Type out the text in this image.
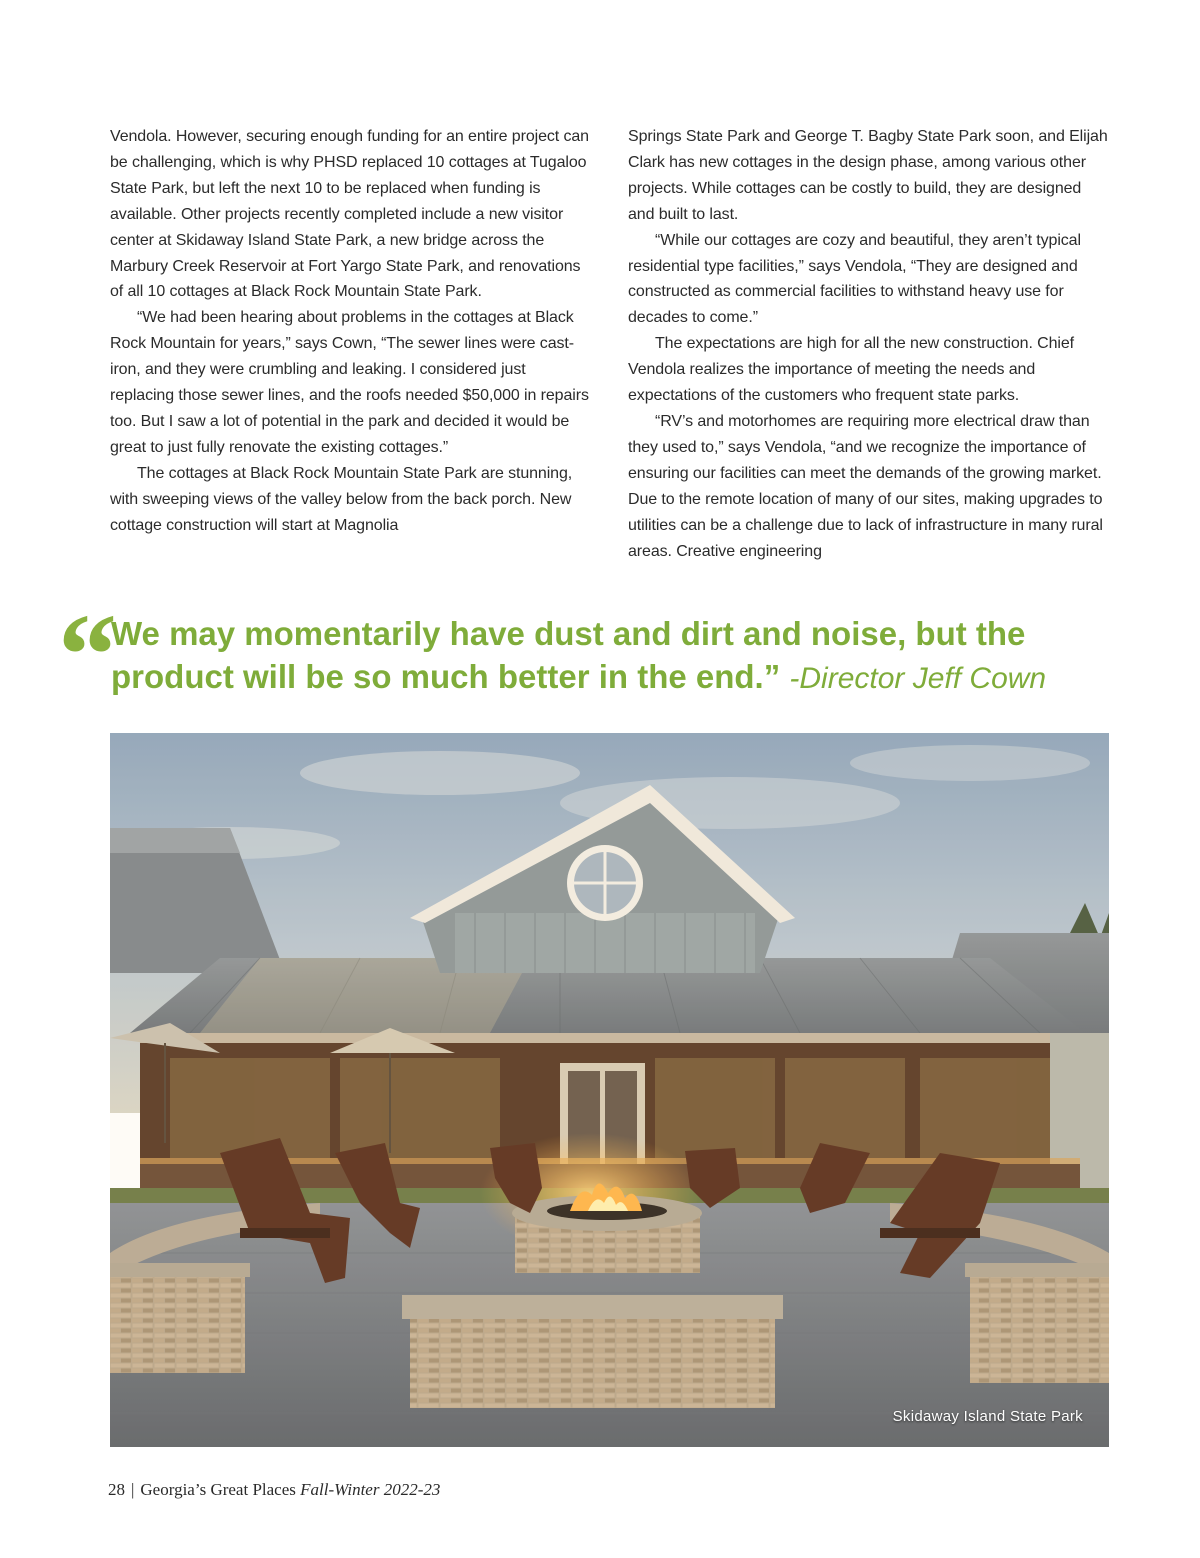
Vendola. However, securing enough funding for an entire project can be challenging, which is why PHSD replaced 10 cottages at Tugaloo State Park, but left the next 10 to be replaced when funding is available. Other projects recently completed include a new visitor center at Skidaway Island State Park, a new bridge across the Marbury Creek Reservoir at Fort Yargo State Park, and renovations of all 10 cottages at Black Rock Mountain State Park.

“We had been hearing about problems in the cottages at Black Rock Mountain for years,” says Cown, “The sewer lines were cast-iron, and they were crumbling and leaking. I considered just replacing those sewer lines, and the roofs needed $50,000 in repairs too. But I saw a lot of potential in the park and decided it would be great to just fully renovate the existing cottages.”

The cottages at Black Rock Mountain State Park are stunning, with sweeping views of the valley below from the back porch. New cottage construction will start at Magnolia

Springs State Park and George T. Bagby State Park soon, and Elijah Clark has new cottages in the design phase, among various other projects. While cottages can be costly to build, they are designed and built to last.

“While our cottages are cozy and beautiful, they aren’t typical residential type facilities,” says Vendola, “They are designed and constructed as commercial facilities to withstand heavy use for decades to come.”

The expectations are high for all the new construction. Chief Vendola realizes the importance of meeting the needs and expectations of the customers who frequent state parks.

“RV’s and motorhomes are requiring more electrical draw than they used to,” says Vendola, “and we recognize the importance of ensuring our facilities can meet the demands of the growing market. Due to the remote location of many of our sites, making upgrades to utilities can be a challenge due to lack of infrastructure in many rural areas. Creative engineering

“
We may momentarily have dust and dirt and noise, but the product will be so much better in the end.” -Director Jeff Cown
Skidaway Island State Park
28 | Georgia’s Great Places Fall-Winter 2022-23
